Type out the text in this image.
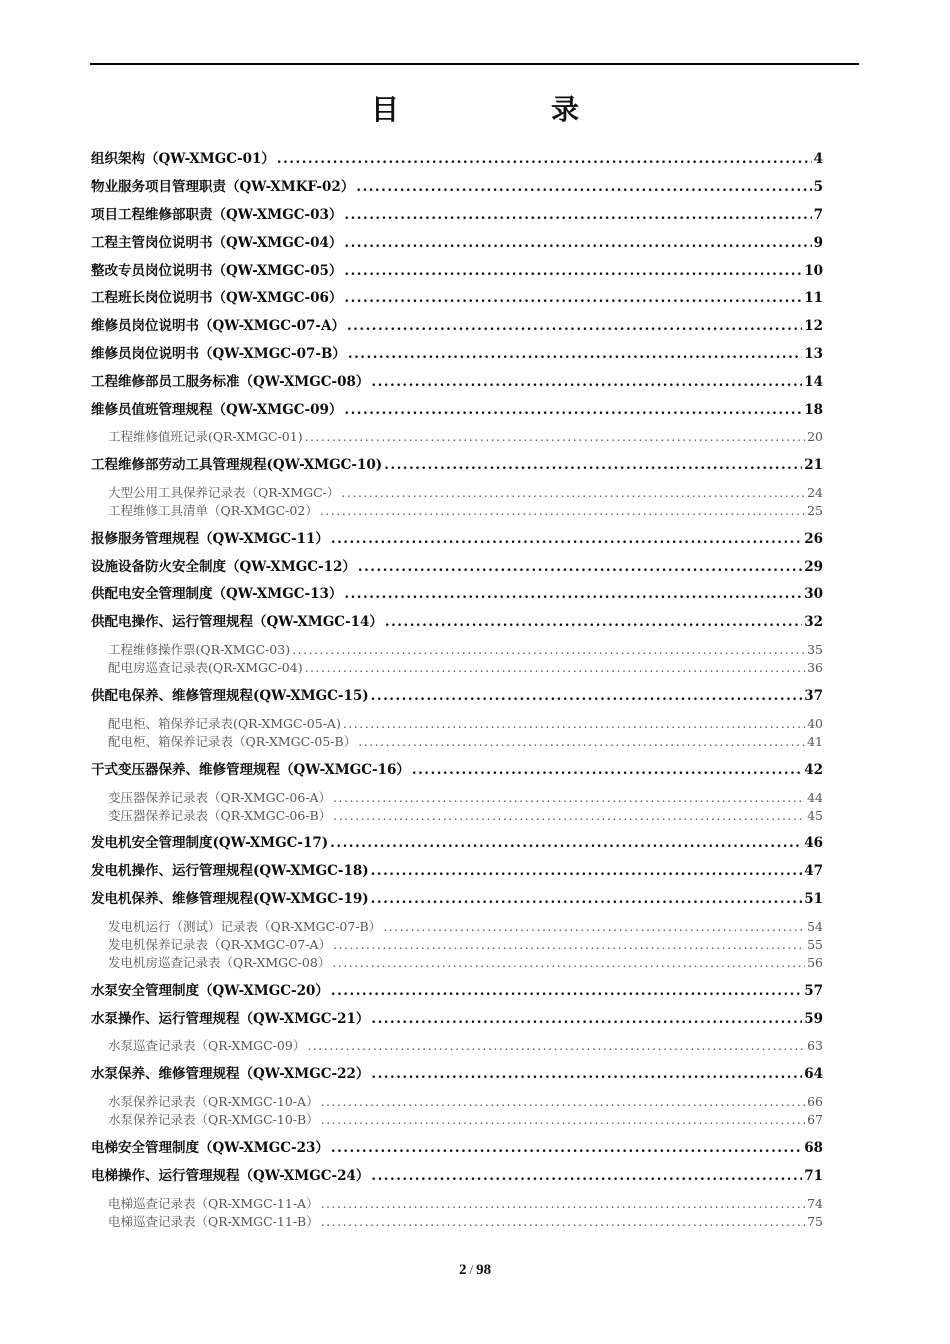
目　录
组织架构（QW-XMGC-01） .....	4
物业服务项目管理职责（QW-XMKF-02） .....	5
项目工程维修部职责（QW-XMGC-03） .....	7
工程主管岗位说明书（QW-XMGC-04） .....	9
整改专员岗位说明书（QW-XMGC-05） .....	10
工程班长岗位说明书（QW-XMGC-06） .....	11
维修员岗位说明书（QW-XMGC-07-A） .....	12
维修员岗位说明书（QW-XMGC-07-B） .....	13
工程维修部员工服务标准（QW-XMGC-08） .....	14
维修员值班管理规程（QW-XMGC-09） .....	18
工程维修值班记录(QR-XMGC-01) .....	20
工程维修部劳动工具管理规程(QW-XMGC-10) .....	21
大型公用工具保养记录表（QR-XMGC-） .....	24
工程维修工具清单（QR-XMGC-02） .....	25
报修服务管理规程（QW-XMGC-11） .....	26
设施设备防火安全制度（QW-XMGC-12） .....	29
供配电安全管理制度（QW-XMGC-13） .....	30
供配电操作、运行管理规程（QW-XMGC-14） .....	32
工程维修操作票(QR-XMGC-03) .....	35
配电房巡查记录表(QR-XMGC-04) .....	36
供配电保养、维修管理规程(QW-XMGC-15) .....	37
配电柜、箱保养记录表(QR-XMGC-05-A) .....	40
配电柜、箱保养记录表（QR-XMGC-05-B） .....	41
干式变压器保养、维修管理规程（QW-XMGC-16） .....	42
变压器保养记录表（QR-XMGC-06-A） .....	44
变压器保养记录表（QR-XMGC-06-B） .....	45
发电机安全管理制度(QW-XMGC-17) .....	46
发电机操作、运行管理规程(QW-XMGC-18) .....	47
发电机保养、维修管理规程(QW-XMGC-19) .....	51
发电机运行（测试）记录表（QR-XMGC-07-B） .....	54
发电机保养记录表（QR-XMGC-07-A） .....	55
发电机房巡查记录表（QR-XMGC-08） .....	56
水泵安全管理制度（QW-XMGC-20） .....	57
水泵操作、运行管理规程（QW-XMGC-21） .....	59
水泵巡查记录表（QR-XMGC-09） .....	63
水泵保养、维修管理规程（QW-XMGC-22） .....	64
水泵保养记录表（QR-XMGC-10-A） .....	66
水泵保养记录表（QR-XMGC-10-B） .....	67
电梯安全管理制度（QW-XMGC-23） .....	68
电梯操作、运行管理规程（QW-XMGC-24） .....	71
电梯巡查记录表（QR-XMGC-11-A） .....	74
电梯巡查记录表（QR-XMGC-11-B） .....	75
2 / 98
